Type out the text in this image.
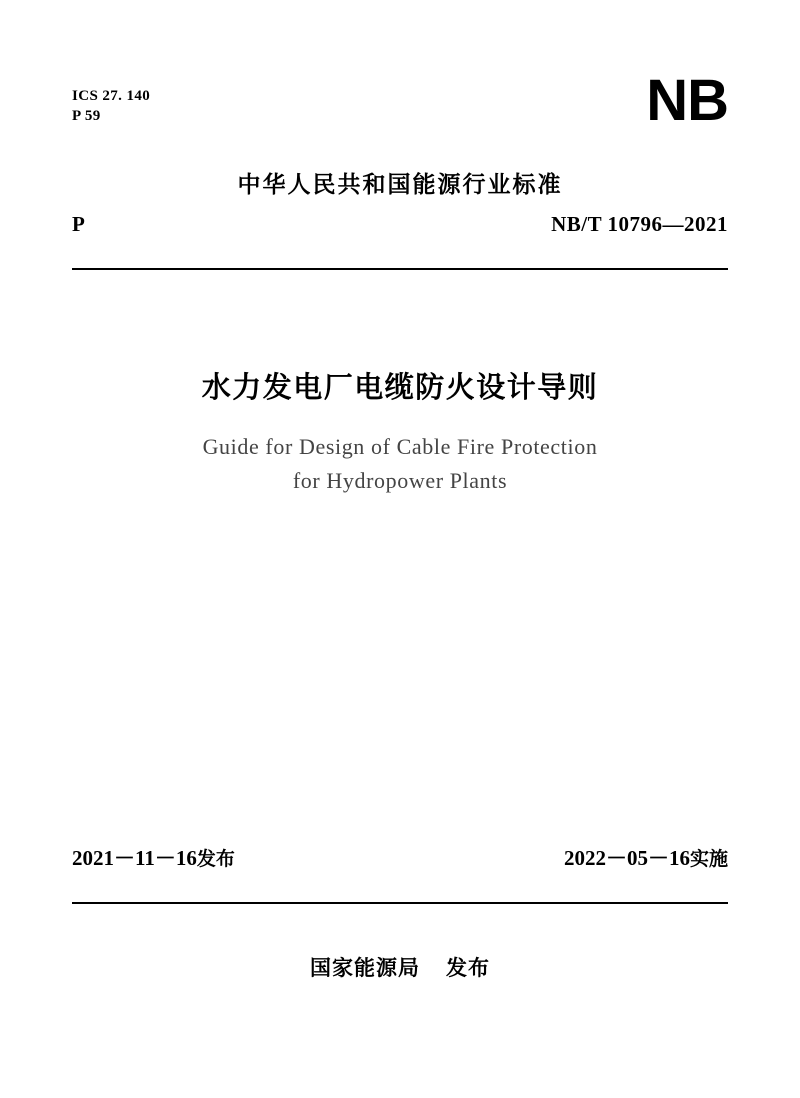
ICS 27. 140
P 59	NB
中华人民共和国能源行业标准
P	NB/T 10796—2021
水力发电厂电缆防火设计导则
Guide for Design of Cable Fire Protection
for Hydropower Plants
2021－11－16发布	2022－05－16实施
国家能源局 发布
